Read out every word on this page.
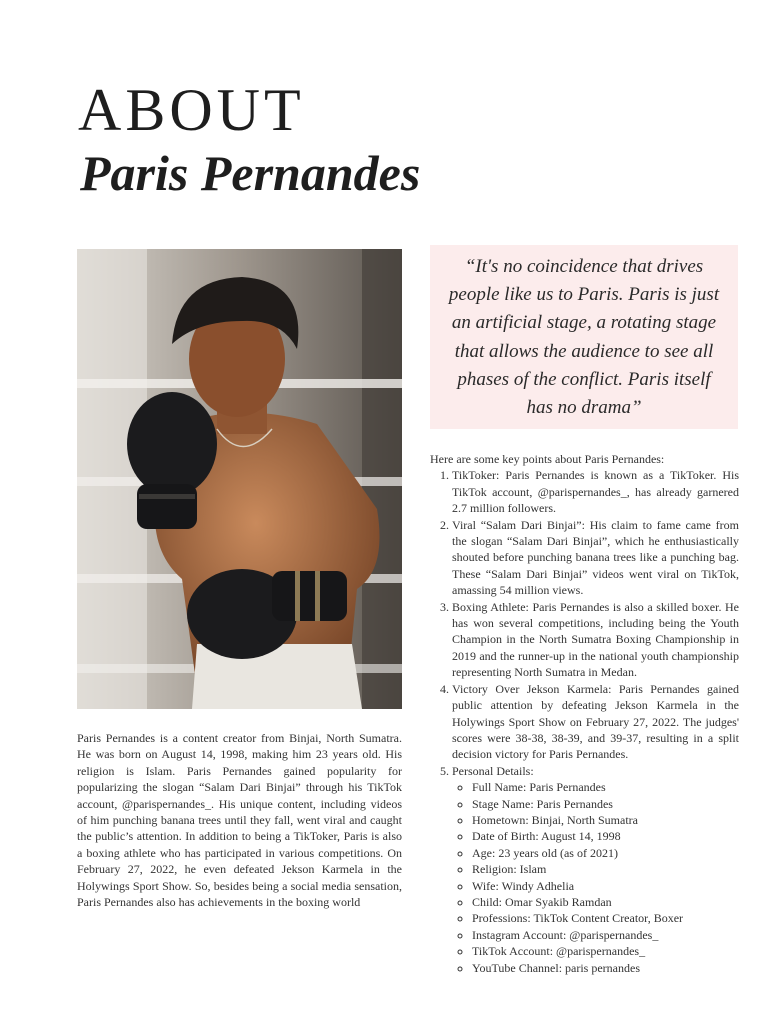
ABOUT
Paris Pernandes

Paris Pernandes is a content creator from Binjai, North Sumatra. He was born on August 14, 1998, making him 23 years old. His religion is Islam. Paris Pernandes gained popularity for popularizing the slogan “Salam Dari Binjai” through his TikTok account, @parispernandes_. His unique content, including videos of him punching banana trees until they fall, went viral and caught the public’s attention. In addition to being a TikToker, Paris is also a boxing athlete who has participated in various competitions. On February 27, 2022, he even defeated Jekson Karmela in the Holywings Sport Show. So, besides being a social media sensation, Paris Pernandes also has achievements in the boxing world

“It's no coincidence that drives people like us to Paris. Paris is just an artificial stage, a rotating stage that allows the audience to see all phases of the conflict. Paris itself has no drama”

Here are some key points about Paris Pernandes:

1. TikToker: Paris Pernandes is known as a TikToker. His TikTok account, @parispernandes_, has already garnered 2.7 million followers.
2. Viral “Salam Dari Binjai”: His claim to fame came from the slogan “Salam Dari Binjai”, which he enthusiastically shouted before punching banana trees like a punching bag. These “Salam Dari Binjai” videos went viral on TikTok, amassing 54 million views.
3. Boxing Athlete: Paris Pernandes is also a skilled boxer. He has won several competitions, including being the Youth Champion in the North Sumatra Boxing Championship in 2019 and the runner-up in the national youth championship representing North Sumatra in Medan.
4. Victory Over Jekson Karmela: Paris Pernandes gained public attention by defeating Jekson Karmela in the Holywings Sport Show on February 27, 2022. The judges' scores were 38-38, 38-39, and 39-37, resulting in a split decision victory for Paris Pernandes.
5. Personal Details:
◦ Full Name: Paris Pernandes
◦ Stage Name: Paris Pernandes
◦ Hometown: Binjai, North Sumatra
◦ Date of Birth: August 14, 1998
◦ Age: 23 years old (as of 2021)
◦ Religion: Islam
◦ Wife: Windy Adhelia
◦ Child: Omar Syakib Ramdan
◦ Professions: TikTok Content Creator, Boxer
◦ Instagram Account: @parispernandes_
◦ TikTok Account: @parispernandes_
◦ YouTube Channel: paris pernandes
